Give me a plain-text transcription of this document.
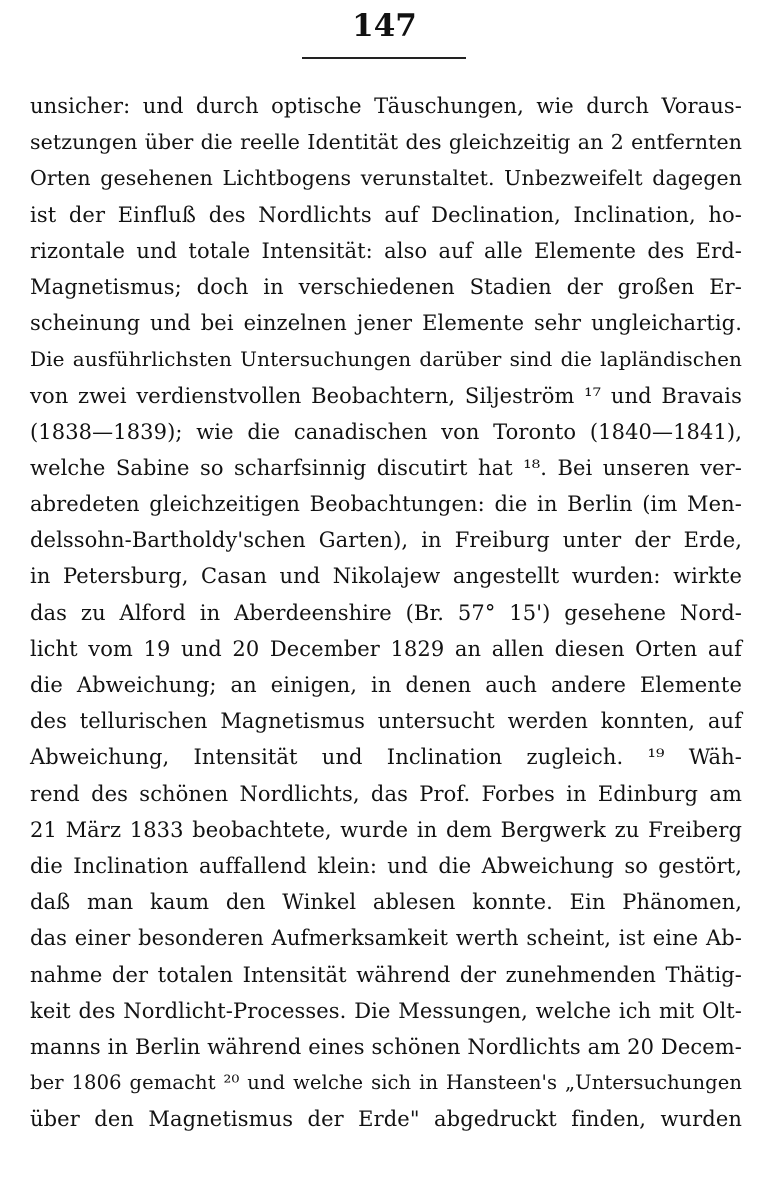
147
unsicher: und durch optische Täuschungen, wie durch Voraus-
setzungen über die reelle Identität des gleichzeitig an 2 entfernten
Orten gesehenen Lichtbogens verunstaltet. Unbezweifelt dagegen
ist der Einfluß des Nordlichts auf Declination, Inclination, ho-
rizontale und totale Intensität: also auf alle Elemente des Erd-
Magnetismus; doch in verschiedenen Stadien der großen Er-
scheinung und bei einzelnen jener Elemente sehr ungleichartig.
Die ausführlichsten Untersuchungen darüber sind die lapländischen
von zwei verdienstvollen Beobachtern, Siljeström ¹⁷ und Bravais
(1838—1839); wie die canadischen von Toronto (1840—1841),
welche Sabine so scharfsinnig discutirt hat ¹⁸. Bei unseren ver-
abredeten gleichzeitigen Beobachtungen: die in Berlin (im Men-
delssohn-Bartholdy'schen Garten), in Freiburg unter der Erde,
in Petersburg, Casan und Nikolajew angestellt wurden: wirkte
das zu Alford in Aberdeenshire (Br. 57° 15') gesehene Nord-
licht vom 19 und 20 December 1829 an allen diesen Orten auf
die Abweichung; an einigen, in denen auch andere Elemente
des tellurischen Magnetismus untersucht werden konnten, auf
Abweichung, Intensität und Inclination zugleich. ¹⁹ Wäh-
rend des schönen Nordlichts, das Prof. Forbes in Edinburg am
21 März 1833 beobachtete, wurde in dem Bergwerk zu Freiberg
die Inclination auffallend klein: und die Abweichung so gestört,
daß man kaum den Winkel ablesen konnte. Ein Phänomen,
das einer besonderen Aufmerksamkeit werth scheint, ist eine Ab-
nahme der totalen Intensität während der zunehmenden Thätig-
keit des Nordlicht-Processes. Die Messungen, welche ich mit Olt-
manns in Berlin während eines schönen Nordlichts am 20 Decem-
ber 1806 gemacht ²⁰ und welche sich in Hansteen's „Untersuchungen
über den Magnetismus der Erde" abgedruckt finden, wurden
